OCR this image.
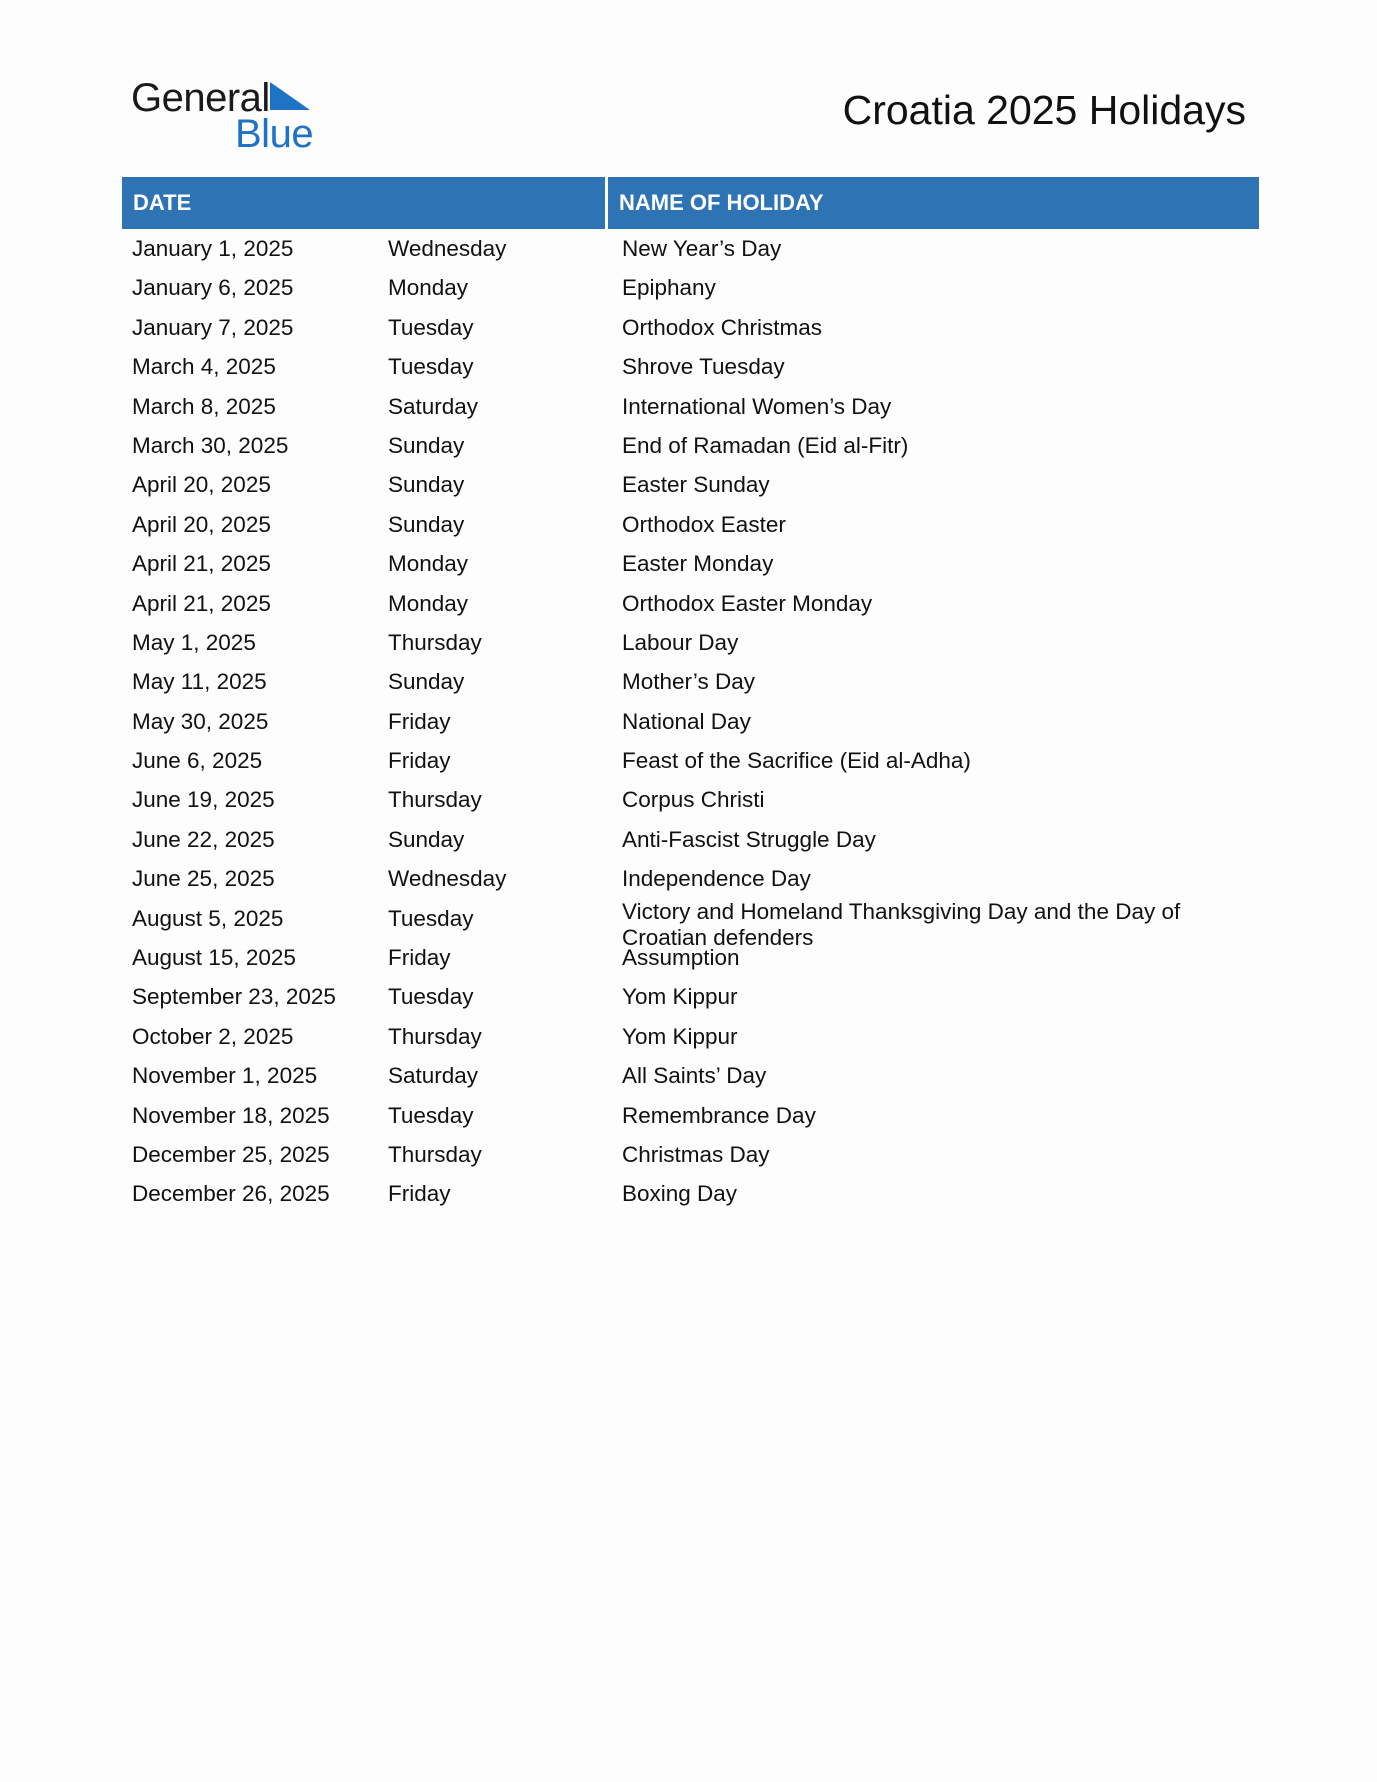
General
Blue
Croatia 2025 Holidays
DATE	NAME OF HOLIDAY
January 1, 2025	Wednesday	New Year’s Day
January 6, 2025	Monday	Epiphany
January 7, 2025	Tuesday	Orthodox Christmas
March 4, 2025	Tuesday	Shrove Tuesday
March 8, 2025	Saturday	International Women’s Day
March 30, 2025	Sunday	End of Ramadan (Eid al-Fitr)
April 20, 2025	Sunday	Easter Sunday
April 20, 2025	Sunday	Orthodox Easter
April 21, 2025	Monday	Easter Monday
April 21, 2025	Monday	Orthodox Easter Monday
May 1, 2025	Thursday	Labour Day
May 11, 2025	Sunday	Mother’s Day
May 30, 2025	Friday	National Day
June 6, 2025	Friday	Feast of the Sacrifice (Eid al-Adha)
June 19, 2025	Thursday	Corpus Christi
June 22, 2025	Sunday	Anti-Fascist Struggle Day
June 25, 2025	Wednesday	Independence Day
August 5, 2025	Tuesday	Victory and Homeland Thanksgiving Day and the Day of Croatian defenders
August 15, 2025	Friday	Assumption
September 23, 2025	Tuesday	Yom Kippur
October 2, 2025	Thursday	Yom Kippur
November 1, 2025	Saturday	All Saints’ Day
November 18, 2025	Tuesday	Remembrance Day
December 25, 2025	Thursday	Christmas Day
December 26, 2025	Friday	Boxing Day
